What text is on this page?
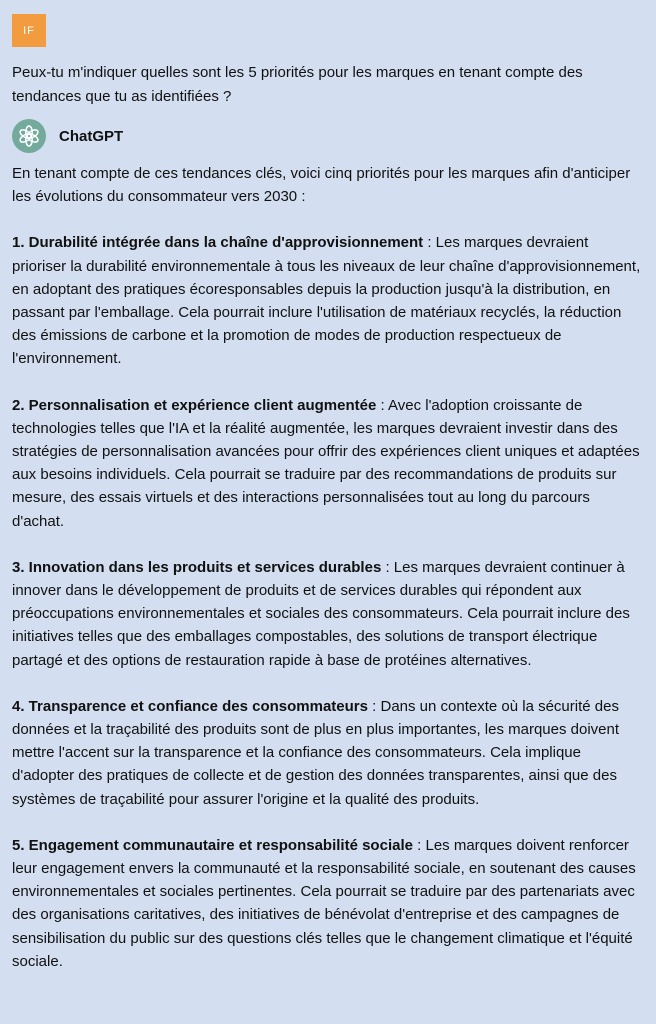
IF
Peux-tu m'indiquer quelles sont les 5 priorités pour les marques en tenant compte des tendances que tu as identifiées ?
ChatGPT

En tenant compte de ces tendances clés, voici cinq priorités pour les marques afin d'anticiper les évolutions du consommateur vers 2030 :

1. Durabilité intégrée dans la chaîne d'approvisionnement : Les marques devraient prioriser la durabilité environnementale à tous les niveaux de leur chaîne d'approvisionnement, en adoptant des pratiques écoresponsables depuis la production jusqu'à la distribution, en passant par l'emballage. Cela pourrait inclure l'utilisation de matériaux recyclés, la réduction des émissions de carbone et la promotion de modes de production respectueux de l'environnement.

2. Personnalisation et expérience client augmentée : Avec l'adoption croissante de technologies telles que l'IA et la réalité augmentée, les marques devraient investir dans des stratégies de personnalisation avancées pour offrir des expériences client uniques et adaptées aux besoins individuels. Cela pourrait se traduire par des recommandations de produits sur mesure, des essais virtuels et des interactions personnalisées tout au long du parcours d'achat.

3. Innovation dans les produits et services durables : Les marques devraient continuer à innover dans le développement de produits et de services durables qui répondent aux préoccupations environnementales et sociales des consommateurs. Cela pourrait inclure des initiatives telles que des emballages compostables, des solutions de transport électrique partagé et des options de restauration rapide à base de protéines alternatives.

4. Transparence et confiance des consommateurs : Dans un contexte où la sécurité des données et la traçabilité des produits sont de plus en plus importantes, les marques doivent mettre l'accent sur la transparence et la confiance des consommateurs. Cela implique d'adopter des pratiques de collecte et de gestion des données transparentes, ainsi que des systèmes de traçabilité pour assurer l'origine et la qualité des produits.

5. Engagement communautaire et responsabilité sociale : Les marques doivent renforcer leur engagement envers la communauté et la responsabilité sociale, en soutenant des causes environnementales et sociales pertinentes. Cela pourrait se traduire par des partenariats avec des organisations caritatives, des initiatives de bénévolat d'entreprise et des campagnes de sensibilisation du public sur des questions clés telles que le changement climatique et l'équité sociale.
